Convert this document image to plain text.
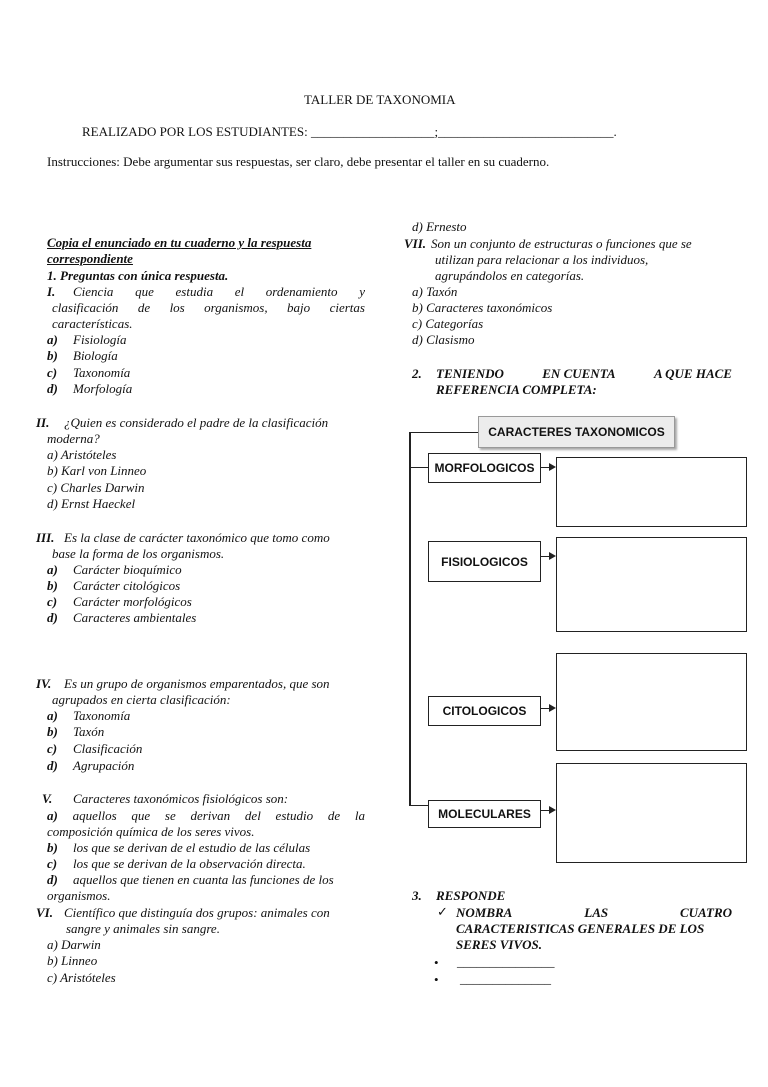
TALLER DE TAXONOMIA
REALIZADO POR LOS ESTUDIANTES: ___________________;___________________________.
Instrucciones: Debe argumentar sus respuestas, ser claro, debe presentar el taller en su cuaderno.
Copia el enunciado en tu cuaderno y la respuesta
correspondiente
1. Preguntas con única respuesta.
I. Ciencia que estudia el ordenamiento y
clasificación de los organismos, bajo ciertas
características.
a) Fisiología
b) Biología
c) Taxonomía
d) Morfología
II. ¿Quien es considerado el padre de la clasificación
moderna?
a) Aristóteles
b) Karl von Linneo
c) Charles Darwin
d) Ernst Haeckel
III. Es la clase de carácter taxonómico que tomo como
base la forma de los organismos.
a) Carácter bioquímico
b) Carácter citológicos
c) Carácter morfológicos
d) Caracteres ambientales
IV. Es un grupo de organismos emparentados, que son
agrupados en cierta clasificación:
a) Taxonomía
b) Taxón
c) Clasificación
d) Agrupación
V. Caracteres taxonómicos fisiológicos son:
a) aquellos que se derivan del estudio de la
composición química de los seres vivos.
b) los que se derivan de el estudio de las células
c) los que se derivan de la observación directa.
d) aquellos que tienen en cuanta las funciones de los
organismos.
VI. Científico que distinguía dos grupos: animales con
sangre y animales sin sangre.
a) Darwin
b) Linneo
c) Aristóteles
d) Ernesto
VII. Son un conjunto de estructuras o funciones que se
utilizan para relacionar a los individuos,
agrupándolos en categorías.
a) Taxón
b) Caracteres taxonómicos
c) Categorías
d) Clasismo
2. TENIENDO	EN CUENTA	A QUE HACE
REFERENCIA COMPLETA:
CARACTERES TAXONOMICOS
MORFOLOGICOS
FISIOLOGICOS
CITOLOGICOS
MOLECULARES
3. RESPONDE
✓ NOMBRA	LAS	CUATRO
CARACTERISTICAS GENERALES DE LOS
SERES VIVOS.
• _______________
• ______________
